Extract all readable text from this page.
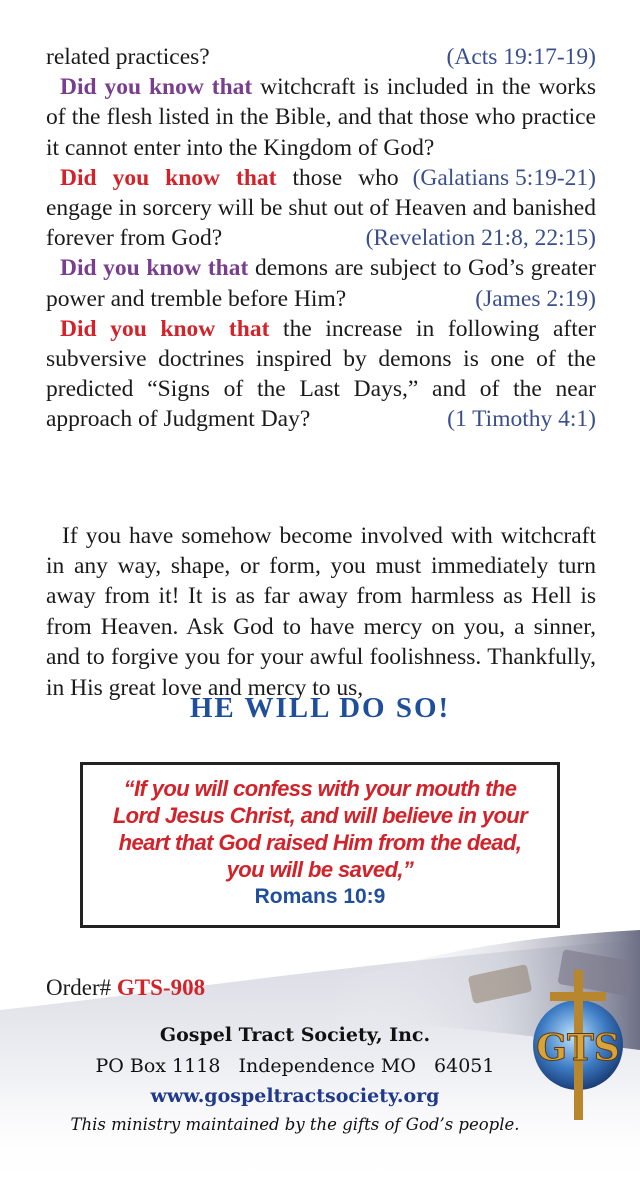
related practices?	(Acts 19:17-19)

Did you know that witchcraft is included in the works of the flesh listed in the Bible, and that those who practice it cannot enter into the Kingdom of God?
(Galatians 5:19-21)

Did you know that those who engage in sorcery will be shut out of Heaven and banished forever from God?	(Revelation 21:8, 22:15)

Did you know that demons are subject to God’s greater power and tremble before Him?	(James 2:19)

Did you know that the increase in following after subversive doctrines inspired by demons is one of the predicted “Signs of the Last Days,” and of the near approach of Judgment Day?	(1 Timothy 4:1)

If you have somehow become involved with witchcraft in any way, shape, or form, you must immediately turn away from it! It is as far away from harmless as Hell is from Heaven. Ask God to have mercy on you, a sinner, and to forgive you for your awful foolishness. Thankfully, in His great love and mercy to us,

HE WILL DO SO!
“If you will confess with your mouth the Lord Jesus Christ, and will believe in your heart that God raised Him from the dead, you will be saved,”
Romans 10:9
GTS
Order# GTS-908
Gospel Tract Society, Inc.
PO Box 1118   Independence MO   64051
www.gospeltractsociety.org
This ministry maintained by the gifts of God’s people.
